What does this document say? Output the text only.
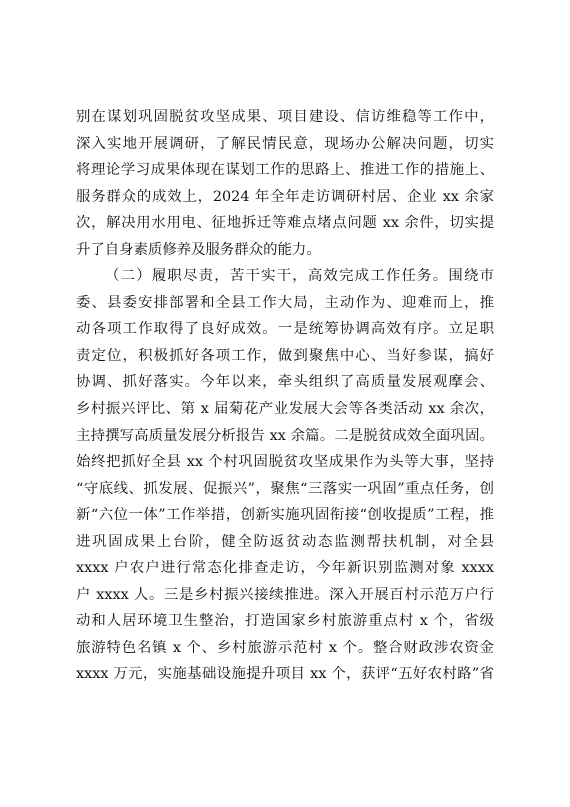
别在谋划巩固脱贫攻坚成果、项目建设、信访维稳等工作中，
深入实地开展调研，了解民情民意，现场办公解决问题，切实
将理论学习成果体现在谋划工作的思路上、推进工作的措施上、
服务群众的成效上，2024 年全年走访调研村居、企业 xx 余家
次，解决用水用电、征地拆迁等难点堵点问题 xx 余件，切实提
升了自身素质修养及服务群众的能力。
（二）履职尽责，苦干实干，高效完成工作任务。围绕市
委、县委安排部署和全县工作大局，主动作为、迎难而上，推
动各项工作取得了良好成效。一是统筹协调高效有序。立足职
责定位，积极抓好各项工作，做到聚焦中心、当好参谋，搞好
协调、抓好落实。今年以来，牵头组织了高质量发展观摩会、
乡村振兴评比、第 x 届菊花产业发展大会等各类活动 xx 余次，
主持撰写高质量发展分析报告 xx 余篇。二是脱贫成效全面巩固。
始终把抓好全县 xx 个村巩固脱贫攻坚成果作为头等大事，坚持
“守底线、抓发展、促振兴”，聚焦“三落实一巩固”重点任务，创
新“六位一体”工作举措，创新实施巩固衔接“创收提质”工程，推
进巩固成果上台阶，健全防返贫动态监测帮扶机制，对全县
xxxx 户农户进行常态化排查走访，今年新识别监测对象 xxxx
户 xxxx 人。三是乡村振兴接续推进。深入开展百村示范万户行
动和人居环境卫生整治，打造国家乡村旅游重点村 x 个，省级
旅游特色名镇 x 个、乡村旅游示范村 x 个。整合财政涉农资金
xxxx 万元，实施基础设施提升项目 xx 个，获评“五好农村路”省
